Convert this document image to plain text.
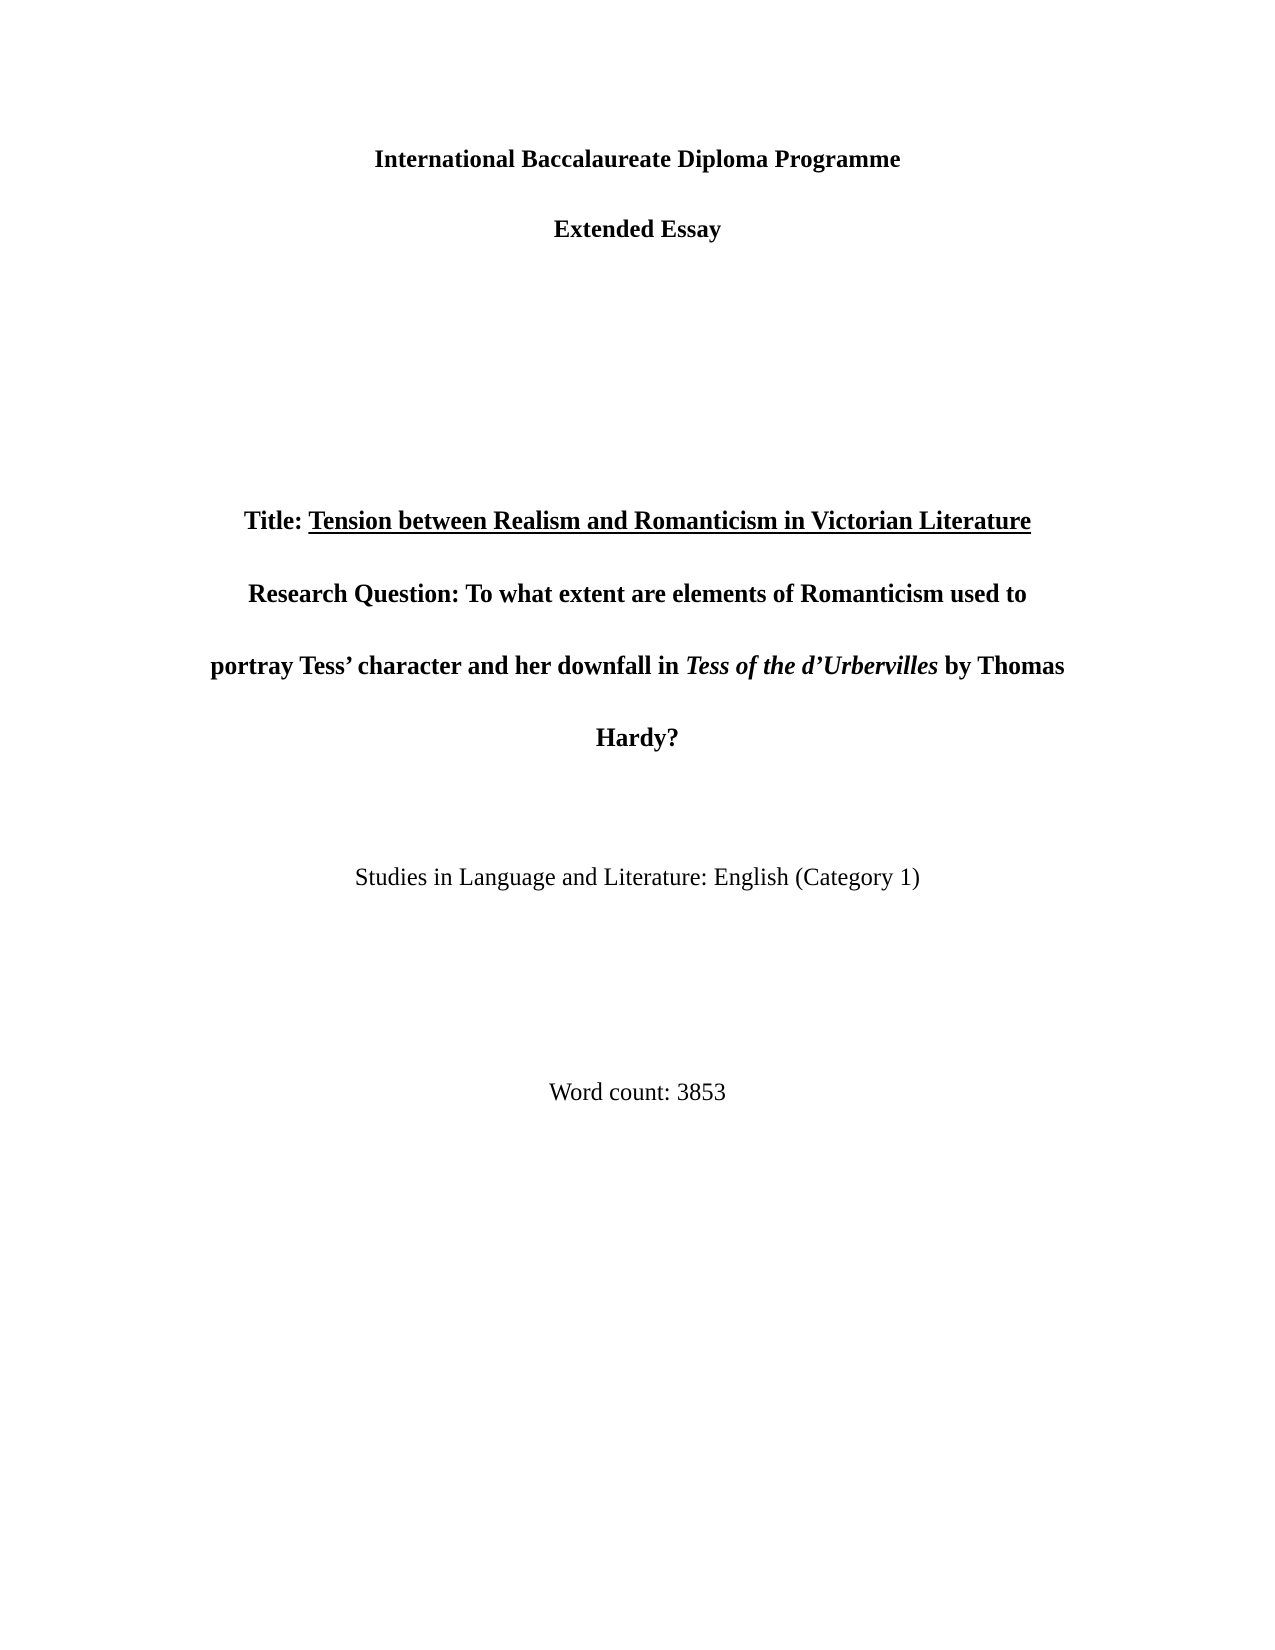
International Baccalaureate Diploma Programme
Extended Essay
Title: Tension between Realism and Romanticism in Victorian Literature
Research Question: To what extent are elements of Romanticism used to
portray Tess’ character and her downfall in Tess of the d’Urbervilles by Thomas
Hardy?
Studies in Language and Literature: English (Category 1)
Word count: 3853
